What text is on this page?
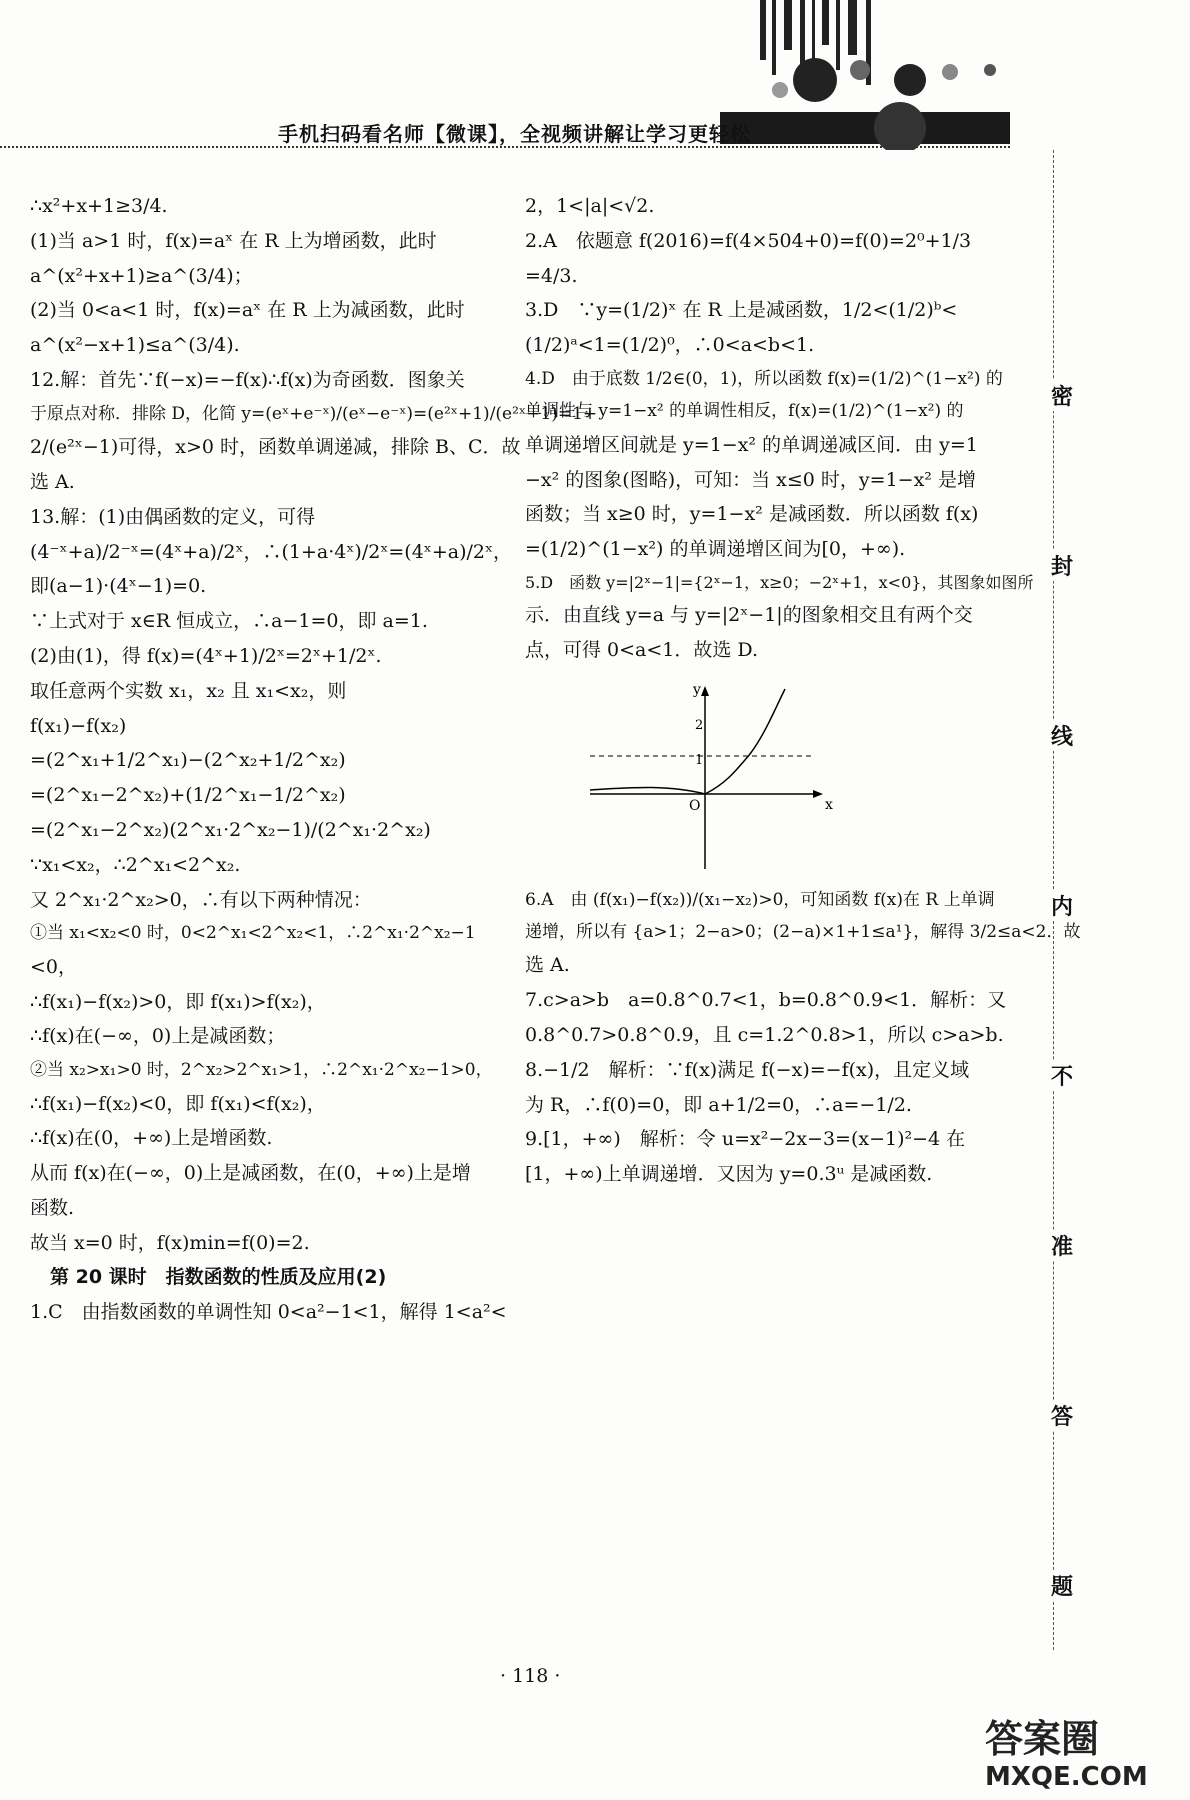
手机扫码看名师【微课】，全视频讲解让学习更轻松
∴x²+x+1≥3/4.
(1)当 a>1 时，f(x)=aˣ 在 R 上为增函数，此时
a^(x²+x+1)≥a^(3/4)；
(2)当 0<a<1 时，f(x)=aˣ 在 R 上为减函数，此时
a^(x²−x+1)≤a^(3/4).
12.解：首先∵f(−x)=−f(x)∴f(x)为奇函数．图象关
于原点对称．排除 D，化简 y=(eˣ+e⁻ˣ)/(eˣ−e⁻ˣ)=(e²ˣ+1)/(e²ˣ−1)=1+
2/(e²ˣ−1)可得，x>0 时，函数单调递减，排除 B、C．故
选 A.
13.解：(1)由偶函数的定义，可得
(4⁻ˣ+a)/2⁻ˣ=(4ˣ+a)/2ˣ，∴(1+a·4ˣ)/2ˣ=(4ˣ+a)/2ˣ，
即(a−1)·(4ˣ−1)=0.
∵上式对于 x∈R 恒成立，∴a−1=0，即 a=1.
(2)由(1)，得 f(x)=(4ˣ+1)/2ˣ=2ˣ+1/2ˣ.
取任意两个实数 x₁，x₂ 且 x₁<x₂，则
f(x₁)−f(x₂)
=(2^x₁+1/2^x₁)−(2^x₂+1/2^x₂)
=(2^x₁−2^x₂)+(1/2^x₁−1/2^x₂)
=(2^x₁−2^x₂)(2^x₁·2^x₂−1)/(2^x₁·2^x₂)
∵x₁<x₂，∴2^x₁<2^x₂.
又 2^x₁·2^x₂>0，∴有以下两种情况：
①当 x₁<x₂<0 时，0<2^x₁<2^x₂<1，∴2^x₁·2^x₂−1
<0，
∴f(x₁)−f(x₂)>0，即 f(x₁)>f(x₂)，
∴f(x)在(−∞，0)上是减函数；
②当 x₂>x₁>0 时，2^x₂>2^x₁>1，∴2^x₁·2^x₂−1>0，
∴f(x₁)−f(x₂)<0，即 f(x₁)<f(x₂)，
∴f(x)在(0，+∞)上是增函数.
从而 f(x)在(−∞，0)上是减函数，在(0，+∞)上是增
函数.
故当 x=0 时，f(x)min=f(0)=2.
第 20 课时　指数函数的性质及应用(2)
1.C　由指数函数的单调性知 0<a²−1<1，解得 1<a²<
2，1<|a|<√2.
2.A　依题意 f(2016)=f(4×504+0)=f(0)=2⁰+1/3
=4/3.
3.D　∵y=(1/2)ˣ 在 R 上是减函数，1/2<(1/2)ᵇ<
(1/2)ᵃ<1=(1/2)⁰，∴0<a<b<1.
4.D　由于底数 1/2∈(0，1)，所以函数 f(x)=(1/2)^(1−x²) 的
单调性与 y=1−x² 的单调性相反，f(x)=(1/2)^(1−x²) 的
单调递增区间就是 y=1−x² 的单调递减区间．由 y=1
−x² 的图象(图略)，可知：当 x≤0 时，y=1−x² 是增
函数；当 x≥0 时，y=1−x² 是减函数．所以函数 f(x)
=(1/2)^(1−x²) 的单调递增区间为[0，+∞).
5.D　函数 y=|2ˣ−1|={2ˣ−1，x≥0；−2ˣ+1，x<0}，其图象如图所
示．由直线 y=a 与 y=|2ˣ−1|的图象相交且有两个交
点，可得 0<a<1．故选 D.
y
x
O
1
2
6.A　由 (f(x₁)−f(x₂))/(x₁−x₂)>0，可知函数 f(x)在 R 上单调
递增，所以有 {a>1；2−a>0；(2−a)×1+1≤a¹}，解得 3/2≤a<2．故
选 A.
7.c>a>b　a=0.8^0.7<1，b=0.8^0.9<1．解析：又
0.8^0.7>0.8^0.9，且 c=1.2^0.8>1，所以 c>a>b.
8.−1/2　解析：∵f(x)满足 f(−x)=−f(x)，且定义域
为 R，∴f(0)=0，即 a+1/2=0，∴a=−1/2.
9.[1，+∞)　解析：令 u=x²−2x−3=(x−1)²−4 在
[1，+∞)上单调递增．又因为 y=0.3ᵘ 是减函数.
密
封
线
内
不
准
答
题
· 118 ·
答案圈
MXQE.COM
